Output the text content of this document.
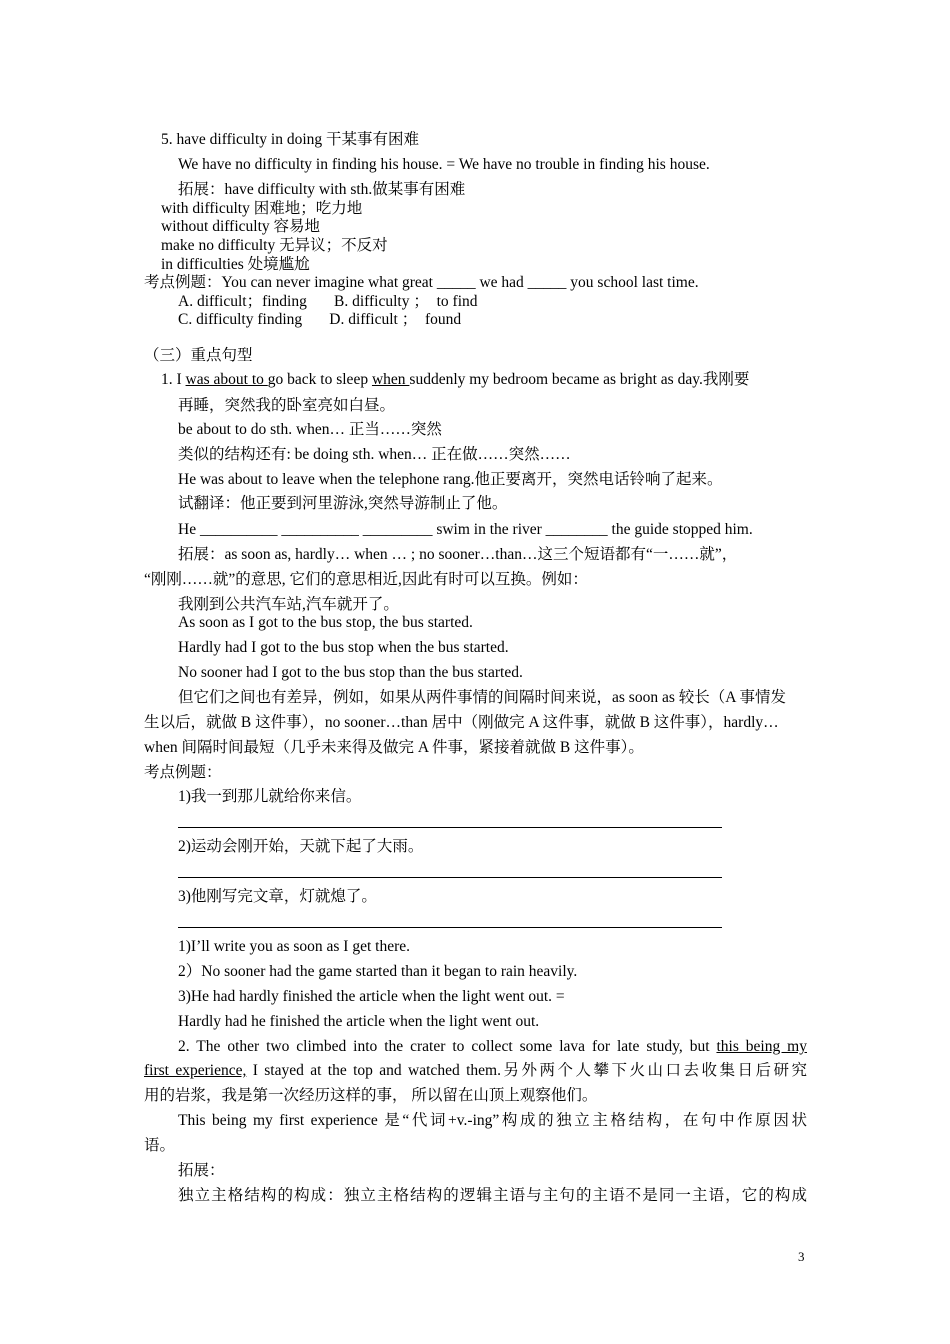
5. have difficulty in doing 干某事有困难
We have no difficulty in finding his house. = We have no trouble in finding his house.
拓展：have difficulty with sth.做某事有困难
with difficulty 困难地；吃力地
without difficulty 容易地
make no difficulty 无异议；不反对
in difficulties 处境尴尬
考点例题：You can never imagine what great _____ we had _____ you school last time.
A. difficult；finding       B. difficulty ；  to find
C. difficulty finding       D. difficult ；  found
（三）重点句型
1. I was about to go back to sleep when suddenly my bedroom became as bright as day.我刚要
再睡，突然我的卧室亮如白昼。
be about to do sth. when… 正当……突然
类似的结构还有: be doing sth. when… 正在做……突然……
He was about to leave when the telephone rang.他正要离开，突然电话铃响了起来。
试翻译：他正要到河里游泳,突然导游制止了他。
He __________ __________ _________ swim in the river ________ the guide stopped him.
拓展：as soon as, hardly… when … ; no sooner…than…这三个短语都有“一……就”，
“刚刚……就”的意思, 它们的意思相近,因此有时可以互换。例如：
我刚到公共汽车站,汽车就开了。
As soon as I got to the bus stop, the bus started.
Hardly had I got to the bus stop when the bus started.
No sooner had I got to the bus stop than the bus started.
但它们之间也有差异，例如，如果从两件事情的间隔时间来说，as soon as 较长（A 事情发
生以后，就做 B 这件事），no sooner…than 居中（刚做完 A 这件事，就做 B 这件事），hardly…
when 间隔时间最短（几乎未来得及做完 A 件事，紧接着就做 B 这件事）。
考点例题：
1)我一到那儿就给你来信。
2)运动会刚开始，天就下起了大雨。
3)他刚写完文章，灯就熄了。
1)I’ll write you as soon as I get there.
2）No sooner had the game started than it began to rain heavily.
3)He had hardly finished the article when the light went out. =
Hardly had he finished the article when the light went out.
2. The other two climbed into the crater to collect some lava for late study, but this being my
first experience, I stayed at the top and watched them.另外两个人攀下火山口去收集日后研究
用的岩浆，我是第一次经历这样的事， 所以留在山顶上观察他们。
This being my first experience 是“代词+v.-ing”构成的独立主格结构，在句中作原因状
语。
拓展：
独立主格结构的构成：独立主格结构的逻辑主语与主句的主语不是同一主语，它的构成
3
